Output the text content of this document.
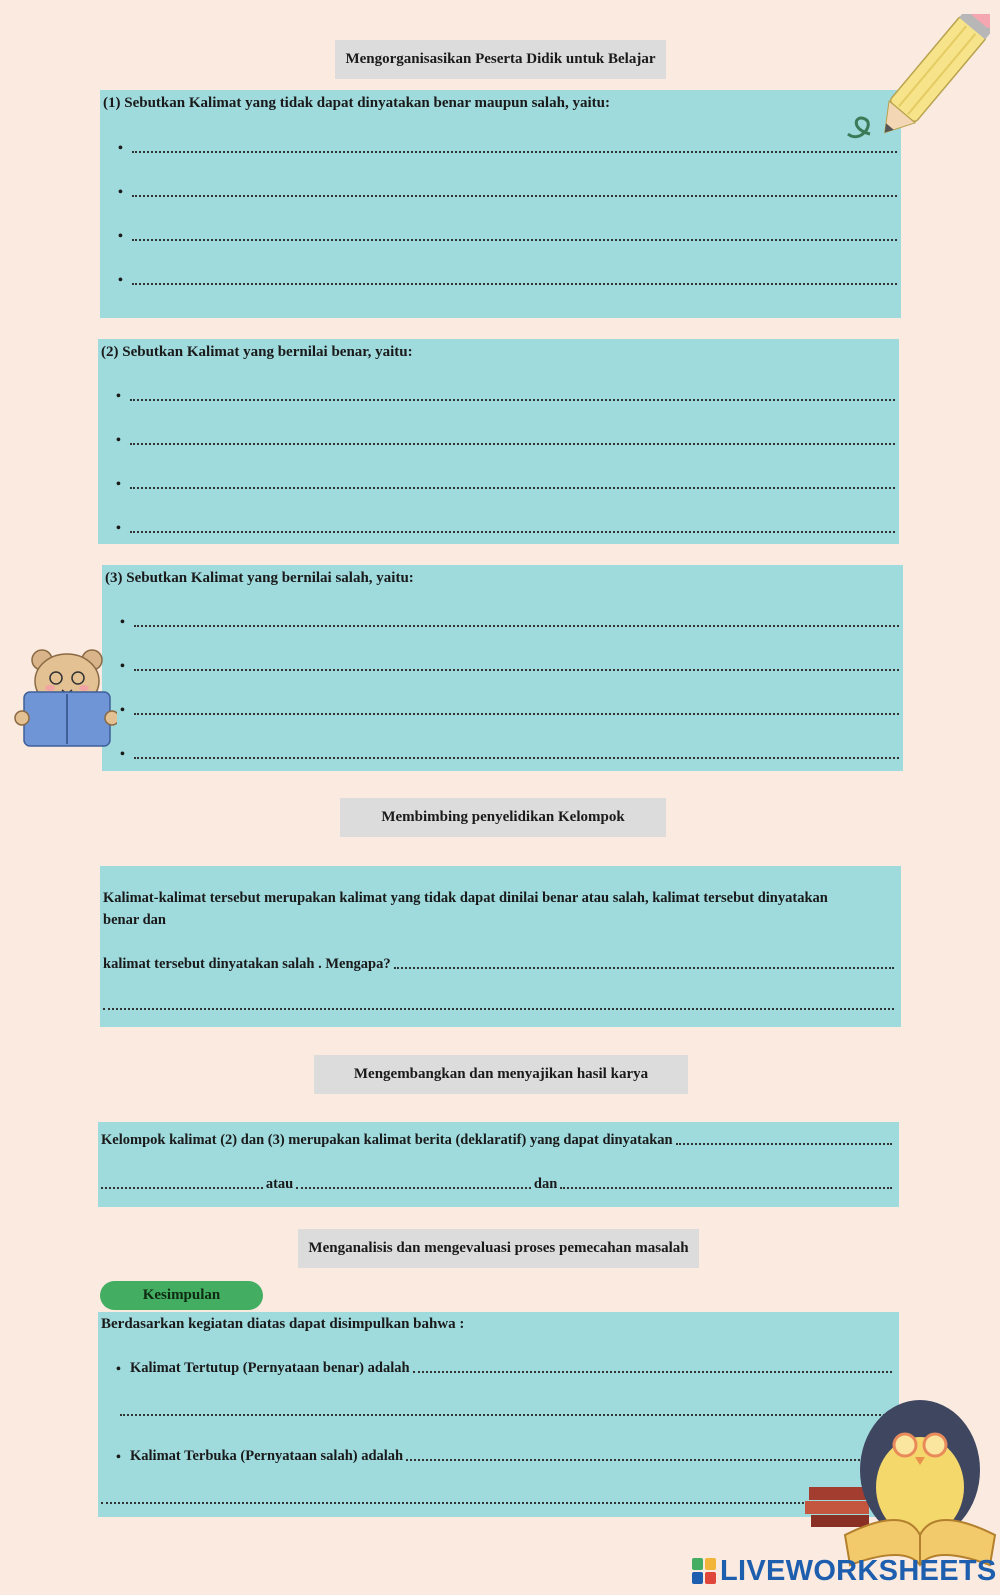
Mengorganisasikan Peserta Didik untuk Belajar
(1) Sebutkan Kalimat yang tidak dapat dinyatakan benar maupun salah, yaitu:
•
•
•
•
(2) Sebutkan Kalimat yang bernilai benar, yaitu:
•
•
•
•
(3) Sebutkan Kalimat yang bernilai salah, yaitu:
•
•
•
•
Membimbing penyelidikan Kelompok
Kalimat-kalimat tersebut merupakan kalimat yang tidak dapat dinilai benar atau salah, kalimat tersebut dinyatakan
benar dan
kalimat tersebut dinyatakan salah . Mengapa?
Mengembangkan dan menyajikan hasil karya
Kelompok kalimat (2) dan (3) merupakan kalimat berita (deklaratif) yang dapat dinyatakan
atau	dan
Menganalisis dan mengevaluasi proses pemecahan masalah
Kesimpulan
Berdasarkan kegiatan diatas dapat disimpulkan bahwa :
• Kalimat Tertutup (Pernyataan benar) adalah
• Kalimat Terbuka (Pernyataan salah) adalah
LIVEWORKSHEETS
